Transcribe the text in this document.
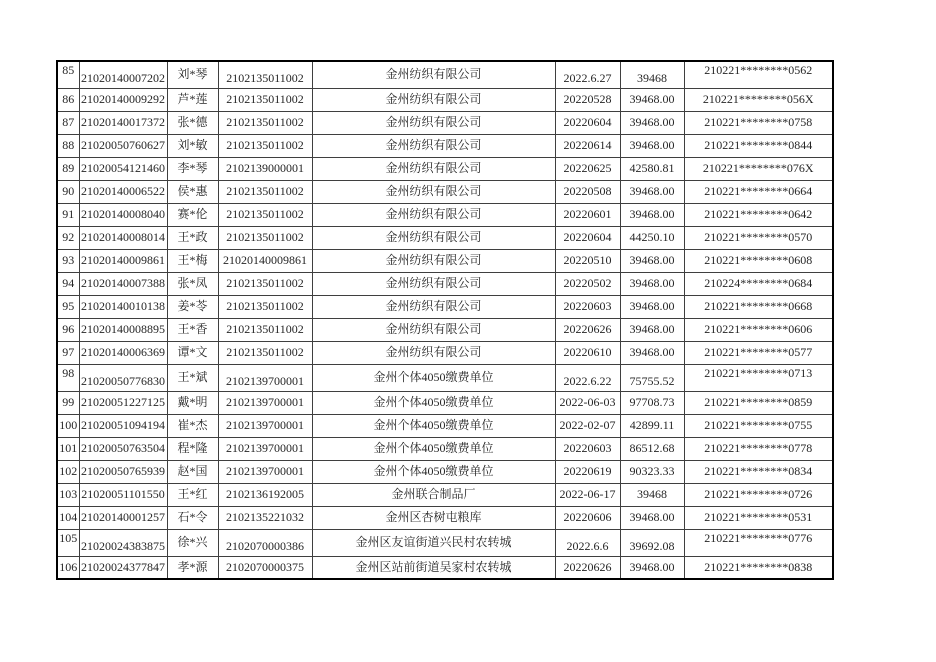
85	21020140007202	刘*琴	2102135011002	金州纺织有限公司	2022.6.27	39468	210221********0562
86	21020140009292	芦*莲	2102135011002	金州纺织有限公司	20220528	39468.00	210221********056X
87	21020140017372	张*德	2102135011002	金州纺织有限公司	20220604	39468.00	210221********0758
88	21020050760627	刘*敏	2102135011002	金州纺织有限公司	20220614	39468.00	210221********0844
89	21020054121460	李*琴	2102139000001	金州纺织有限公司	20220625	42580.81	210221********076X
90	21020140006522	侯*惠	2102135011002	金州纺织有限公司	20220508	39468.00	210221********0664
91	21020140008040	赛*伦	2102135011002	金州纺织有限公司	20220601	39468.00	210221********0642
92	21020140008014	王*政	2102135011002	金州纺织有限公司	20220604	44250.10	210221********0570
93	21020140009861	王*梅	21020140009861	金州纺织有限公司	20220510	39468.00	210221********0608
94	21020140007388	张*凤	2102135011002	金州纺织有限公司	20220502	39468.00	210224********0684
95	21020140010138	姜*苓	2102135011002	金州纺织有限公司	20220603	39468.00	210221********0668
96	21020140008895	王*香	2102135011002	金州纺织有限公司	20220626	39468.00	210221********0606
97	21020140006369	谭*文	2102135011002	金州纺织有限公司	20220610	39468.00	210221********0577
98	21020050776830	王*斌	2102139700001	金州个体4050缴费单位	2022.6.22	75755.52	210221********0713
99	21020051227125	戴*明	2102139700001	金州个体4050缴费单位	2022-06-03	97708.73	210221********0859
100	21020051094194	崔*杰	2102139700001	金州个体4050缴费单位	2022-02-07	42899.11	210221********0755
101	21020050763504	程*隆	2102139700001	金州个体4050缴费单位	20220603	86512.68	210221********0778
102	21020050765939	赵*国	2102139700001	金州个体4050缴费单位	20220619	90323.33	210221********0834
103	21020051101550	王*红	2102136192005	金州联合制品厂	2022-06-17	39468	210221********0726
104	21020140001257	石*令	2102135221032	金州区杏树屯粮库	20220606	39468.00	210221********0531
105	21020024383875	徐*兴	2102070000386	金州区友谊街道兴民村农转城	2022.6.6	39692.08	210221********0776
106	21020024377847	孝*源	2102070000375	金州区站前街道吴家村农转城	20220626	39468.00	210221********0838
